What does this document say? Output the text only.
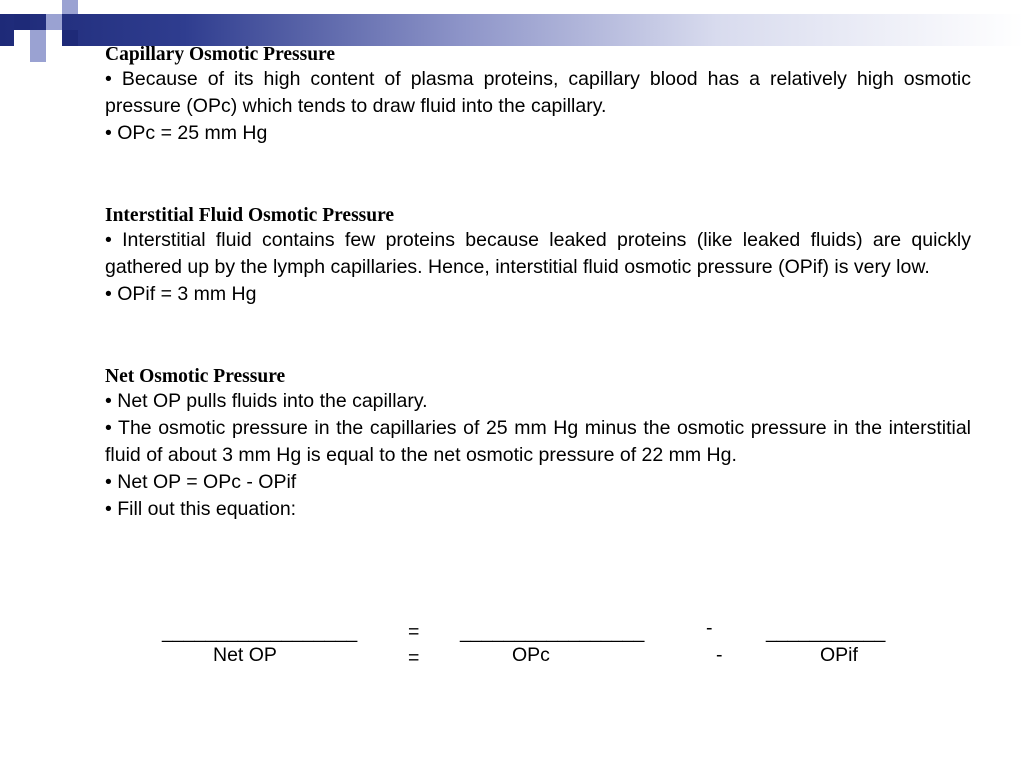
Capillary Osmotic Pressure

• Because of its high content of plasma proteins, capillary blood has a relatively high osmotic pressure (OPc) which tends to draw fluid into the capillary.

• OPc = 25 mm Hg

Interstitial Fluid Osmotic Pressure

• Interstitial fluid contains few proteins because leaked proteins (like leaked fluids) are quickly gathered up by the lymph capillaries. Hence, interstitial fluid osmotic pressure (OPif) is very low.

• OPif = 3 mm Hg

Net Osmotic Pressure

• Net OP pulls fluids into the capillary.

• The osmotic pressure in the capillaries of 25 mm Hg minus the osmotic pressure in the interstitial fluid of about 3 mm Hg is equal to the net osmotic pressure of 22 mm Hg.

• Net OP = OPc - OPif

• Fill out this equation:

__________________	= _________________	-	___________
Net OP	=	OPc	-	OPif
